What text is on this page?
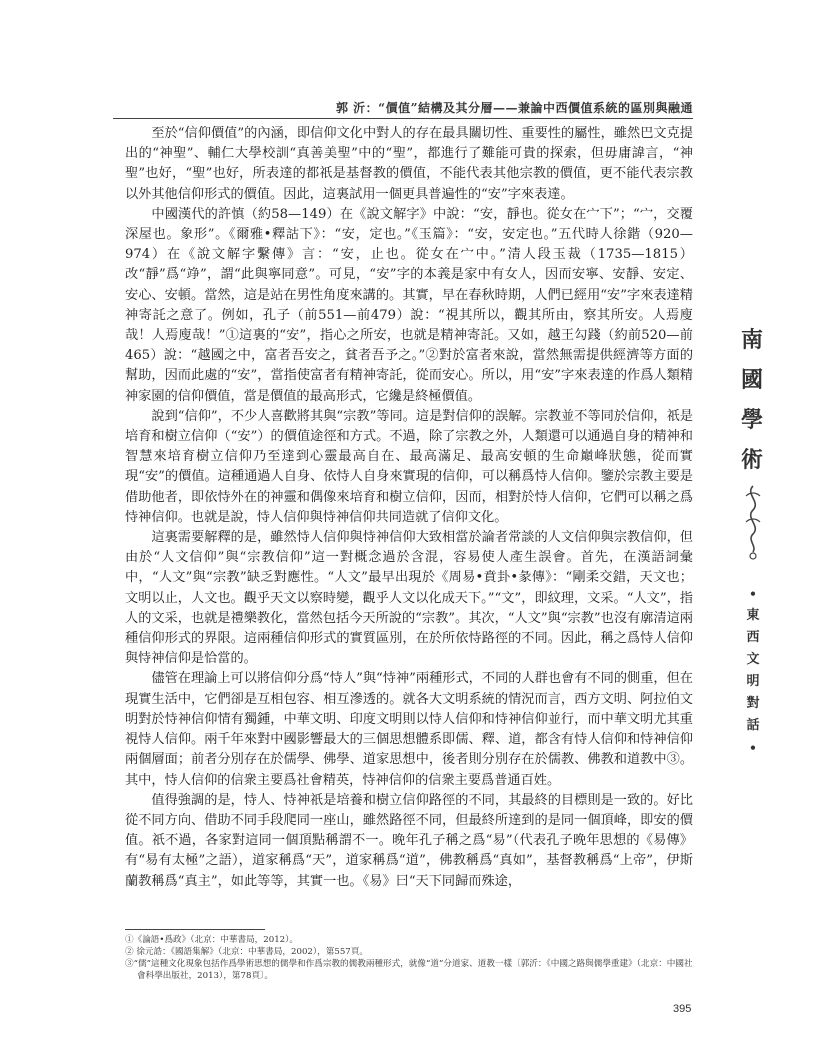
郭 沂：“價值”結構及其分層——兼論中西價值系統的區別與融通

至於“信仰價值”的內涵，即信仰文化中對人的存在最具關切性、重要性的屬性，雖然巴文克提出的“神聖”、輔仁大學校訓“真善美聖”中的“聖”，都進行了難能可貴的探索，但毋庸諱言，“神聖”也好，“聖”也好，所表達的都祇是基督教的價值，不能代表其他宗教的價值，更不能代表宗教以外其他信仰形式的價值。因此，這裏試用一個更具普遍性的“安”字來表達。

中國漢代的許慎（約58—149）在《說文解字》中說：“安，靜也。從女在宀下”；“宀，交覆深屋也。象形”。《爾雅•釋詁下》：“安，定也。”《玉篇》：“安，安定也。”五代時人徐鍇（920—974）在《說文解字繫傳》言：“安，止也。從女在宀中。”清人段玉裁（1735—1815）改“靜”爲“竫”，謂“此與寧同意”。可見，“安”字的本義是家中有女人，因而安寧、安靜、安定、安心、安頓。當然，這是站在男性角度來講的。其實，早在春秋時期，人們已經用“安”字來表達精神寄託之意了。例如，孔子（前551—前479）說：“視其所以，觀其所由，察其所安。人焉廋哉！人焉廋哉！”①這裏的“安”，指心之所安，也就是精神寄託。又如，越王勾踐（約前520—前465）說：“越國之中，富者吾安之，貧者吾予之。”②對於富者來說，當然無需提供經濟等方面的幫助，因而此處的“安”，當指使富者有精神寄託，從而安心。所以，用“安”字來表達的作爲人類精神家園的信仰價值，當是價值的最高形式，它纔是終極價值。

說到“信仰”，不少人喜歡將其與“宗教”等同。這是對信仰的誤解。宗教並不等同於信仰，祇是培育和樹立信仰（“安”）的價值途徑和方式。不過，除了宗教之外，人類還可以通過自身的精神和智慧來培育樹立信仰乃至達到心靈最高自在、最高滿足、最高安頓的生命巔峰狀態，從而實現“安”的價值。這種通過人自身、依恃人自身來實現的信仰，可以稱爲恃人信仰。鑒於宗教主要是借助他者，即依恃外在的神靈和偶像來培育和樹立信仰，因而，相對於恃人信仰，它們可以稱之爲恃神信仰。也就是說，恃人信仰與恃神信仰共同造就了信仰文化。

這裏需要解釋的是，雖然恃人信仰與恃神信仰大致相當於論者常談的人文信仰與宗教信仰，但由於“人文信仰”與“宗教信仰”這一對概念過於含混，容易使人產生誤會。首先，在漢語詞彙中，“人文”與“宗教”缺乏對應性。“人文”最早出現於《周易•賁卦•彖傳》：“剛柔交錯，天文也；文明以止，人文也。觀乎天文以察時變，觀乎人文以化成天下。”“文”，即紋理，文采。“人文”，指人的文采，也就是禮樂教化，當然包括今天所說的“宗教”。其次，“人文”與“宗教”也沒有廓清這兩種信仰形式的界限。這兩種信仰形式的實質區別，在於所依恃路徑的不同。因此，稱之爲恃人信仰與恃神信仰是恰當的。

儘管在理論上可以將信仰分爲“恃人”與“恃神”兩種形式，不同的人群也會有不同的側重，但在現實生活中，它們卻是互相包容、相互滲透的。就各大文明系統的情況而言，西方文明、阿拉伯文明對於恃神信仰情有獨鍾，中華文明、印度文明則以恃人信仰和恃神信仰並行，而中華文明尤其重視恃人信仰。兩千年來對中國影響最大的三個思想體系即儒、釋、道，都含有恃人信仰和恃神信仰兩個層面；前者分別存在於儒學、佛學、道家思想中，後者則分別存在於儒教、佛教和道教中③。其中，恃人信仰的信衆主要爲社會精英，恃神信仰的信衆主要爲普通百姓。

值得強調的是，恃人、恃神祇是培養和樹立信仰路徑的不同，其最終的目標則是一致的。好比從不同方向、借助不同手段爬同一座山，雖然路徑不同，但最終所達到的是同一個頂峰，即安的價值。祇不過，各家對這同一個頂點稱謂不一。晚年孔子稱之爲“易”（代表孔子晚年思想的《易傳》有“易有太極”之語），道家稱爲“天”，道家稱爲“道”，佛教稱爲“真如”，基督教稱爲“上帝”，伊斯蘭教稱爲“真主”，如此等等，其實一也。《易》曰“天下同歸而殊途，

①《論語•爲政》（北京：中華書局，2012）。

② 徐元誥：《國語集解》（北京：中華書局，2002），第557頁。

③“儒”這種文化現象包括作爲學術思想的儒學和作爲宗教的儒教兩種形式，就像“道”分道家、道教一樣〔郭沂：《中國之路與儒學重建》（北京：中國社會科學出版社，2013），第78頁〕。

395
南
國
學
術
•
東
西
文
明
對
話
•
